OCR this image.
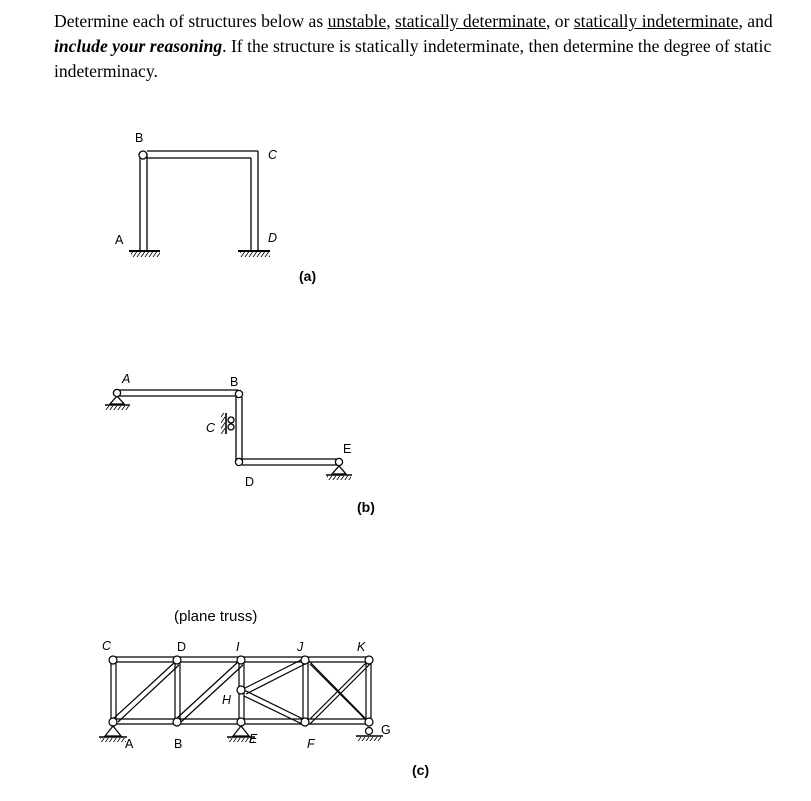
Determine each of structures below as unstable, statically determinate, or statically indeterminate, and include your reasoning. If the structure is statically indeterminate, then determine the degree of static indeterminacy.

A
B
C
D
(a)
A	B
C
D
E
(b)
(plane truss)
C	D	I	J	K
H
A	B	E	F
G
(c)
